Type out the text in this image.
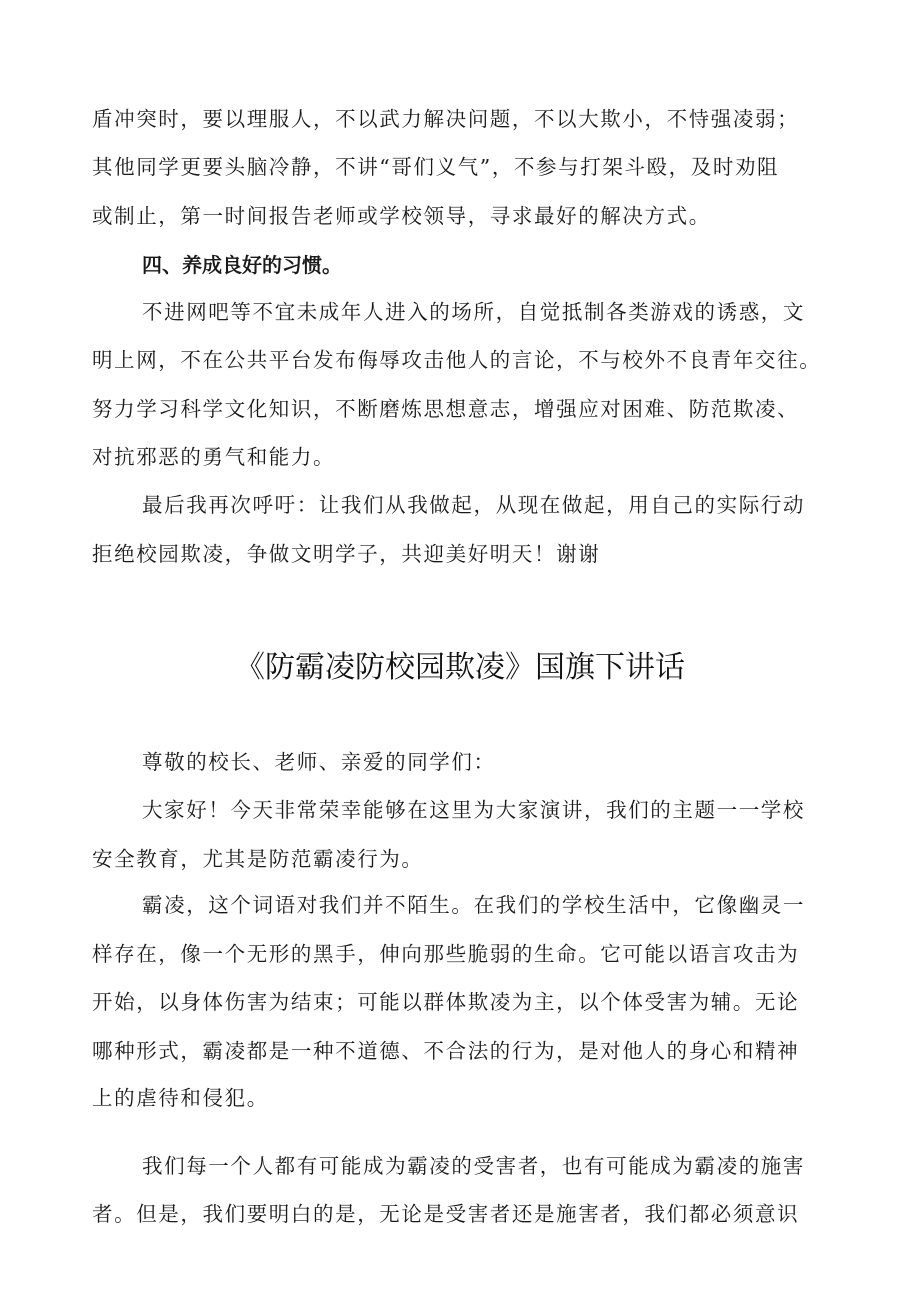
盾冲突时，要以理服人，不以武力解决问题，不以大欺小，不恃强凌弱；
其他同学更要头脑冷静，不讲“哥们义气”，不参与打架斗殴，及时劝阻
或制止，第一时间报告老师或学校领导，寻求最好的解决方式。
四、养成良好的习惯。
不进网吧等不宜未成年人进入的场所，自觉抵制各类游戏的诱惑，文
明上网，不在公共平台发布侮辱攻击他人的言论，不与校外不良青年交往。
努力学习科学文化知识，不断磨炼思想意志，增强应对困难、防范欺凌、
对抗邪恶的勇气和能力。
最后我再次呼吁：让我们从我做起，从现在做起，用自己的实际行动
拒绝校园欺凌，争做文明学子，共迎美好明天！谢谢
《防霸凌防校园欺凌》国旗下讲话
尊敬的校长、老师、亲爱的同学们：
大家好！今天非常荣幸能够在这里为大家演讲，我们的主题一一学校
安全教育，尤其是防范霸凌行为。
霸凌，这个词语对我们并不陌生。在我们的学校生活中，它像幽灵一
样存在，像一个无形的黑手，伸向那些脆弱的生命。它可能以语言攻击为
开始，以身体伤害为结束；可能以群体欺凌为主，以个体受害为辅。无论
哪种形式，霸凌都是一种不道德、不合法的行为，是对他人的身心和精神
上的虐待和侵犯。
我们每一个人都有可能成为霸凌的受害者，也有可能成为霸凌的施害
者。但是，我们要明白的是，无论是受害者还是施害者，我们都必须意识
